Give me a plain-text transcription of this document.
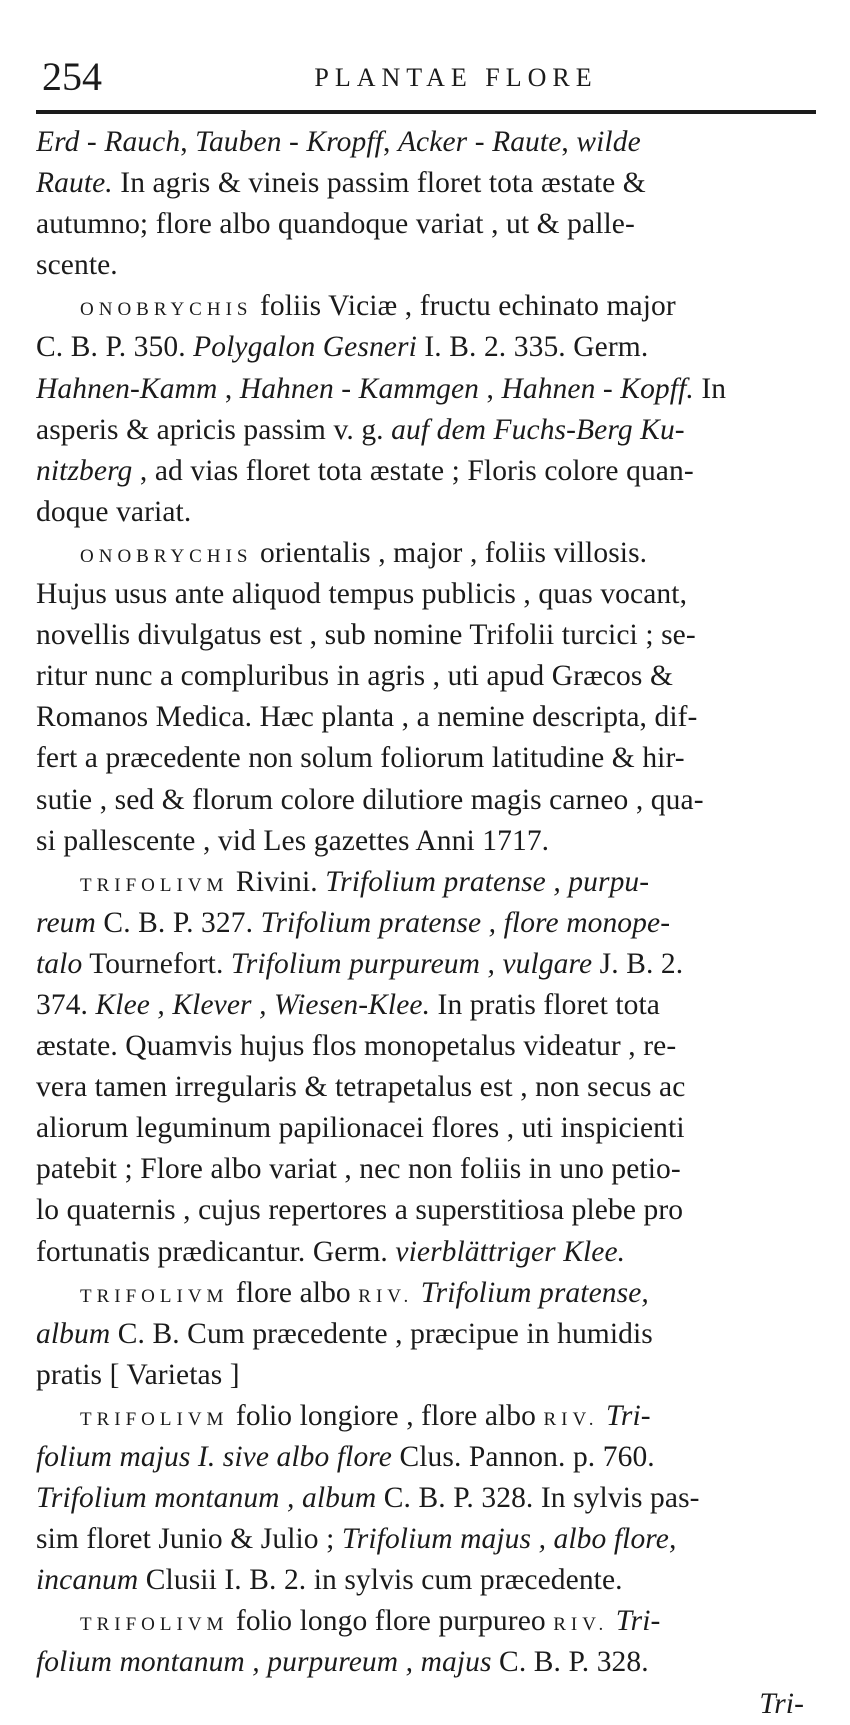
254	PLANTAE FLORE
Erd - Rauch, Tauben - Kropff, Acker - Raute, wilde
Raute. In agris & vineis passim floret tota æstate &
autumno; flore albo quandoque variat , ut & palle-
scente.
ONOBRYCHIS foliis Viciæ , fructu echinato major
C. B. P. 350. Polygalon Gesneri I. B. 2. 335. Germ.
Hahnen-Kamm , Hahnen - Kammgen , Hahnen - Kopff. In
asperis & apricis passim v. g. auf dem Fuchs-Berg Ku-
nitzberg , ad vias floret tota æstate ; Floris colore quan-
doque variat.
ONOBRYCHIS orientalis , major , foliis villosis.
Hujus usus ante aliquod tempus publicis , quas vocant,
novellis divulgatus est , sub nomine Trifolii turcici ; se-
ritur nunc a compluribus in agris , uti apud Græcos &
Romanos Medica. Hæc planta , a nemine descripta, dif-
fert a præcedente non solum foliorum latitudine & hir-
sutie , sed & florum colore dilutiore magis carneo , qua-
si pallescente , vid Les gazettes Anni 1717.
TRIFOLIVM Rivini. Trifolium pratense , purpu-
reum C. B. P. 327. Trifolium pratense , flore monope-
talo Tournefort. Trifolium purpureum , vulgare J. B. 2.
374. Klee , Klever , Wiesen-Klee. In pratis floret tota
æstate. Quamvis hujus flos monopetalus videatur , re-
vera tamen irregularis & tetrapetalus est , non secus ac
aliorum leguminum papilionacei flores , uti inspicienti
patebit ; Flore albo variat , nec non foliis in uno petio-
lo quaternis , cujus repertores a superstitiosa plebe pro
fortunatis prædicantur. Germ. vierblättriger Klee.
TRIFOLIVM flore albo RIV. Trifolium pratense,
album C. B. Cum præcedente , præcipue in humidis
pratis [ Varietas ]
TRIFOLIVM folio longiore , flore albo RIV. Tri-
folium majus I. sive albo flore Clus. Pannon. p. 760.
Trifolium montanum , album C. B. P. 328. In sylvis pas-
sim floret Junio & Julio ; Trifolium majus , albo flore,
incanum Clusii I. B. 2. in sylvis cum præcedente.
TRIFOLIVM folio longo flore purpureo RIV. Tri-
folium montanum , purpureum , majus C. B. P. 328.
Tri-
